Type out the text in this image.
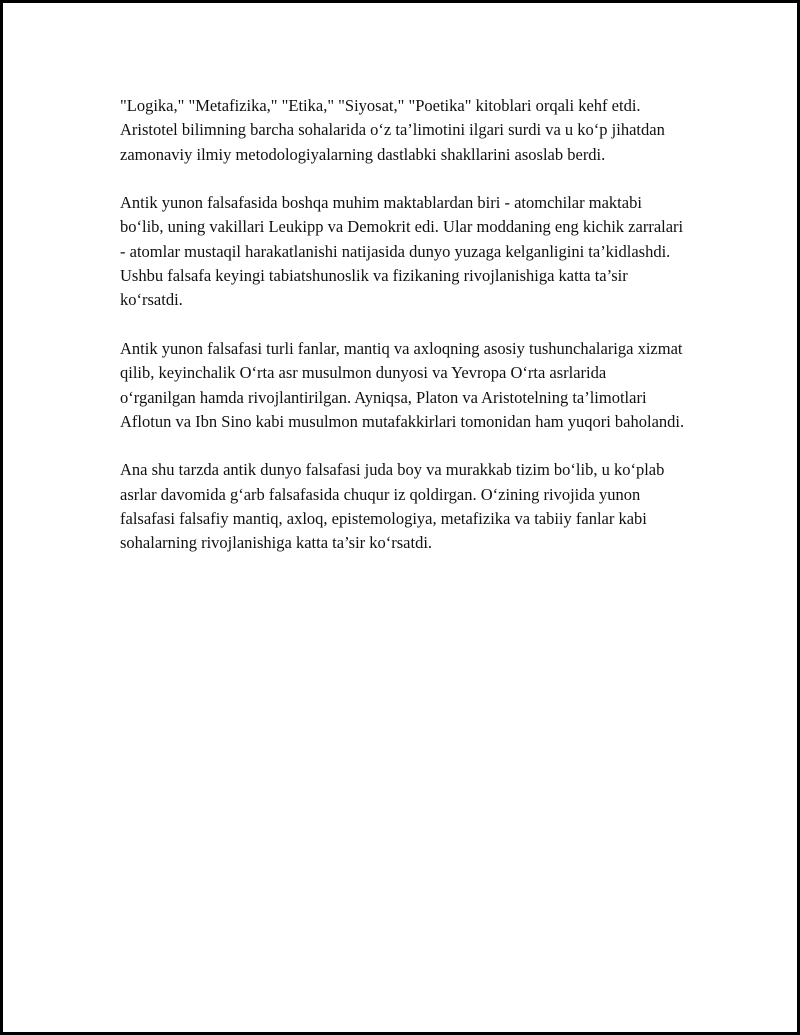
"Logika," "Metafizika," "Etika," "Siyosat," "Poetika" kitoblari orqali kehf etdi. Aristotel bilimning barcha sohalarida o‘z ta’limotini ilgari surdi va u ko‘p jihatdan zamonaviy ilmiy metodologiyalarning dastlabki shakllarini asoslab berdi.

Antik yunon falsafasida boshqa muhim maktablardan biri - atomchilar maktabi bo‘lib, uning vakillari Leukipp va Demokrit edi. Ular moddaning eng kichik zarralari - atomlar mustaqil harakatlanishi natijasida dunyo yuzaga kelganligini ta’kidlashdi. Ushbu falsafa keyingi tabiatshunoslik va fizikaning rivojlanishiga katta ta’sir ko‘rsatdi.

Antik yunon falsafasi turli fanlar, mantiq va axloqning asosiy tushunchalariga xizmat qilib, keyinchalik O‘rta asr musulmon dunyosi va Yevropa O‘rta asrlarida o‘rganilgan hamda rivojlantirilgan. Ayniqsa, Platon va Aristotelning ta’limotlari Aflotun va Ibn Sino kabi musulmon mutafakkirlari tomonidan ham yuqori baholandi.

Ana shu tarzda antik dunyo falsafasi juda boy va murakkab tizim bo‘lib, u ko‘plab asrlar davomida g‘arb falsafasida chuqur iz qoldirgan. O‘zining rivojida yunon falsafasi falsafiy mantiq, axloq, epistemologiya, metafizika va tabiiy fanlar kabi sohalarning rivojlanishiga katta ta’sir ko‘rsatdi.
